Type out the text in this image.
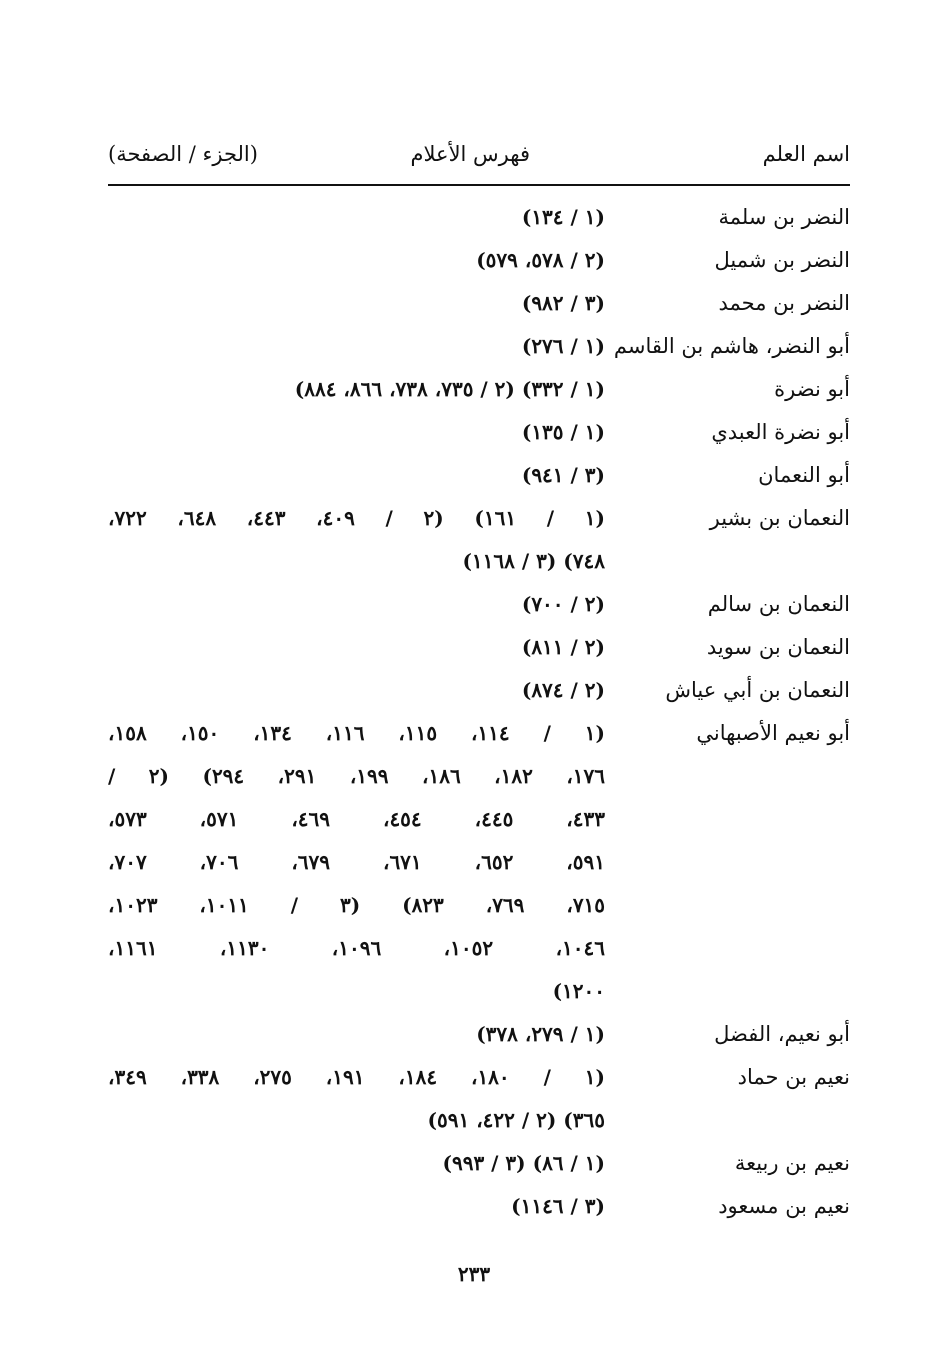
اسم العلم
فهرس الأعلام
(الجزء / الصفحة)
النضر بن سلمة
(١ / ١٣٤)
النضر بن شميل
(٢ / ٥٧٨، ٥٧٩)
النضر بن محمد
(٣ / ٩٨٢)
أبو النضر، هاشم بن القاسم
(١ / ٢٧٦)
أبو نضرة
(١ / ٣٣٢) (٢ / ٧٣٥، ٧٣٨، ٨٦٦، ٨٨٤)
أبو نضرة العبدي
(١ / ١٣٥)
أبو النعمان
(٣ / ٩٤١)
النعمان بن بشير
(١ / ١٦١) (٢ / ٤٠٩، ٤٤٣، ٦٤٨، ٧٢٢،
٧٤٨) (٣ / ١١٦٨)
النعمان بن سالم
(٢ / ٧٠٠)
النعمان بن سويد
(٢ / ٨١١)
النعمان بن أبي عياش
(٢ / ٨٧٤)
أبو نعيم الأصبهاني
(١ / ١١٤، ١١٥، ١١٦، ١٣٤، ١٥٠، ١٥٨،
١٧٦، ١٨٢، ١٨٦، ١٩٩، ٢٩١، ٢٩٤) (٢ /
٤٣٣، ٤٤٥، ٤٥٤، ٤٦٩، ٥٧١، ٥٧٣،
٥٩١، ٦٥٢، ٦٧١، ٦٧٩، ٧٠٦، ٧٠٧،
٧١٥، ٧٦٩، ٨٢٣) (٣ / ١٠١١، ١٠٢٣،
١٠٤٦، ١٠٥٢، ١٠٩٦، ١١٣٠، ١١٦١،
١٢٠٠)
أبو نعيم، الفضل
(١ / ٢٧٩، ٣٧٨)
نعيم بن حماد
(١ / ١٨٠، ١٨٤، ١٩١، ٢٧٥، ٣٣٨، ٣٤٩،
٣٦٥) (٢ / ٤٢٢، ٥٩١)
نعيم بن ربيعة
(١ / ٨٦) (٣ / ٩٩٣)
نعيم بن مسعود
(٣ / ١١٤٦)
٢٣٣
